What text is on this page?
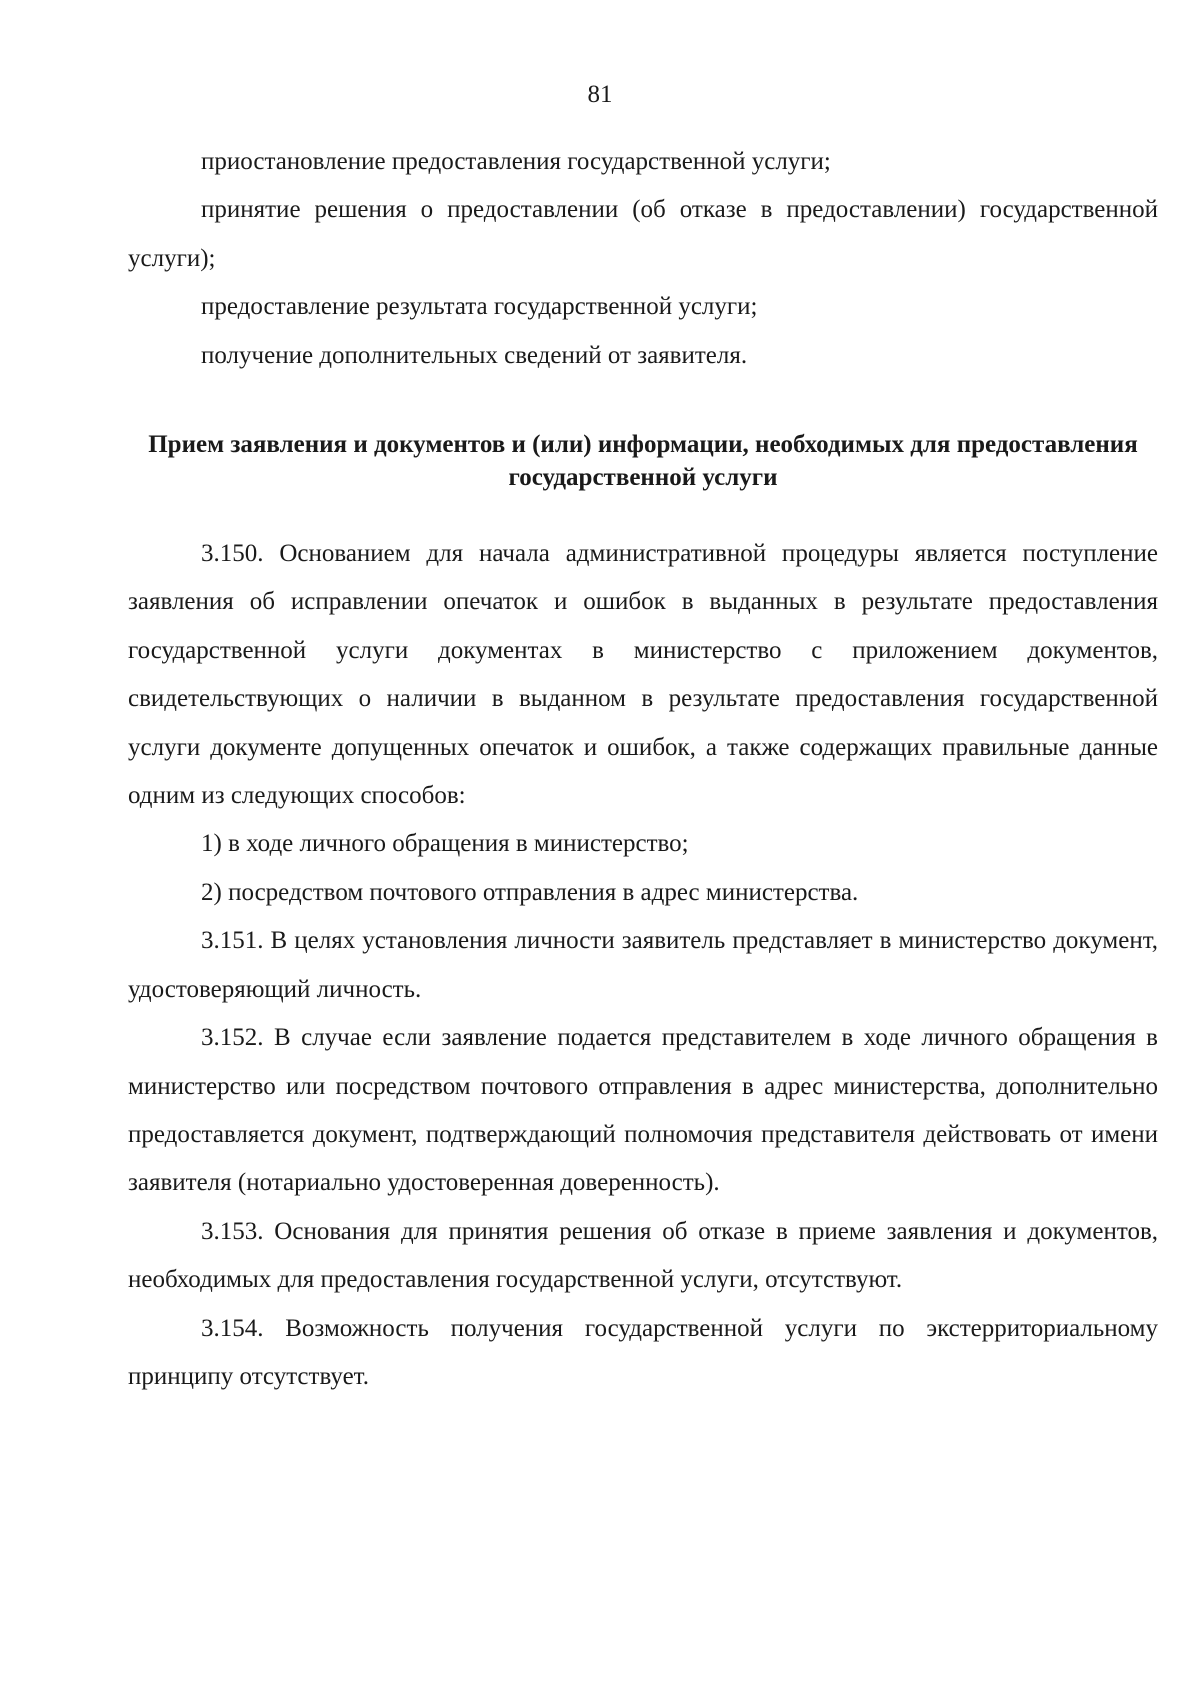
81

приостановление предоставления государственной услуги;

принятие решения о предоставлении (об отказе в предоставлении) государственной услуги);

предоставление результата государственной услуги;

получение дополнительных сведений от заявителя.

Прием заявления и документов и (или) информации, необходимых для предоставления государственной услуги

3.150. Основанием для начала административной процедуры является поступление заявления об исправлении опечаток и ошибок в выданных в результате предоставления государственной услуги документах в министерство с приложением документов, свидетельствующих о наличии в выданном в результате предоставления государственной услуги документе допущенных опечаток и ошибок, а также содержащих правильные данные одним из следующих способов:

1) в ходе личного обращения в министерство;

2) посредством почтового отправления в адрес министерства.

3.151. В целях установления личности заявитель представляет в министерство документ, удостоверяющий личность.

3.152. В случае если заявление подается представителем в ходе личного обращения в министерство или посредством почтового отправления в адрес министерства, дополнительно предоставляется документ, подтверждающий полномочия представителя действовать от имени заявителя (нотариально удостоверенная доверенность).

3.153. Основания для принятия решения об отказе в приеме заявления и документов, необходимых для предоставления государственной услуги, отсутствуют.

3.154. Возможность получения государственной услуги по экстерриториальному принципу отсутствует.
